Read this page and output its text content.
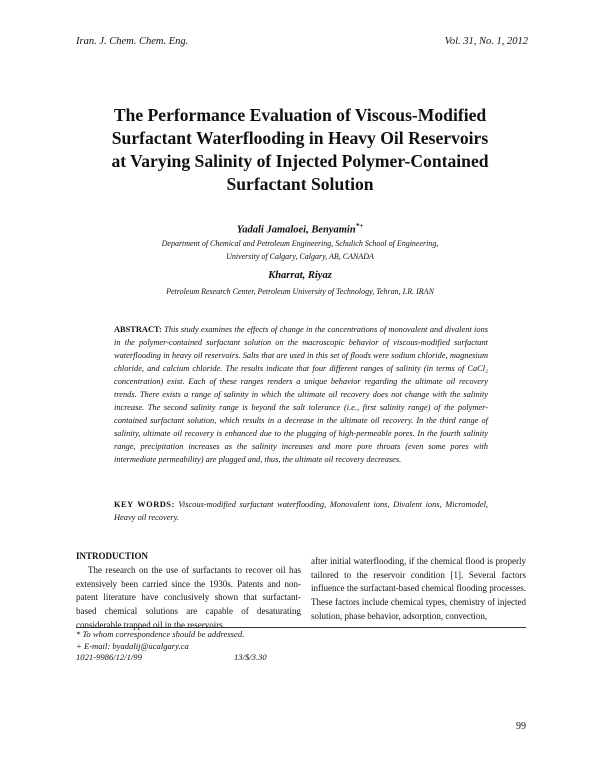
Iran. J. Chem. Chem. Eng.	Vol. 31, No. 1, 2012
The Performance Evaluation of Viscous-Modified
Surfactant Waterflooding in Heavy Oil Reservoirs
at Varying Salinity of Injected Polymer-Contained
Surfactant Solution
Yadali Jamaloei, Benyamin*+
Department of Chemical and Petroleum Engineering, Schulich School of Engineering,
University of Calgary, Calgary, AB, CANADA
Kharrat, Riyaz
Petroleum Research Center, Petroleum University of Technology, Tehran, I.R. IRAN
ABSTRACT: This study examines the effects of change in the concentrations of monovalent and divalent ions in the polymer-contained surfactant solution on the macroscopic behavior of viscous-modified surfactant waterflooding in heavy oil reservoirs. Salts that are used in this set of floods were sodium chloride, magnesium chloride, and calcium chloride. The results indicate that four different ranges of salinity (in terms of CaCl₂ concentration) exist. Each of these ranges renders a unique behavior regarding the ultimate oil recovery trends. There exists a range of salinity in which the ultimate oil recovery does not change with the salinity increase. The second salinity range is beyond the salt tolerance (i.e., first salinity range) of the polymer-contained surfactant solution, which results in a decrease in the ultimate oil recovery. In the third range of salinity, ultimate oil recovery is enhanced due to the plugging of high-permeable pores. In the fourth salinity range, precipitation increases as the salinity increases and more pore throats (even some pores with intermediate permeability) are plugged and, thus, the ultimate oil recovery decreases.
KEY WORDS: Viscous-modified surfactant waterflooding, Monovalent ions, Divalent ions, Micromodel, Heavy oil recovery.
INTRODUCTION
The research on the use of surfactants to recover oil has extensively been carried since the 1930s. Patents and non-patent literature have conclusively shown that surfactant-based chemical solutions are capable of desaturating considerable trapped oil in the reservoirs
after initial waterflooding, if the chemical flood is properly tailored to the reservoir condition [1]. Several factors influence the surfactant-based chemical flooding processes. These factors include chemical types, chemistry of injected solution, phase behavior, adsorption, convection,
* To whom correspondence should be addressed.
+ E-mail: byadalij@ucalgary.ca
1021-9986/12/1/99	13/$/3.30
99
